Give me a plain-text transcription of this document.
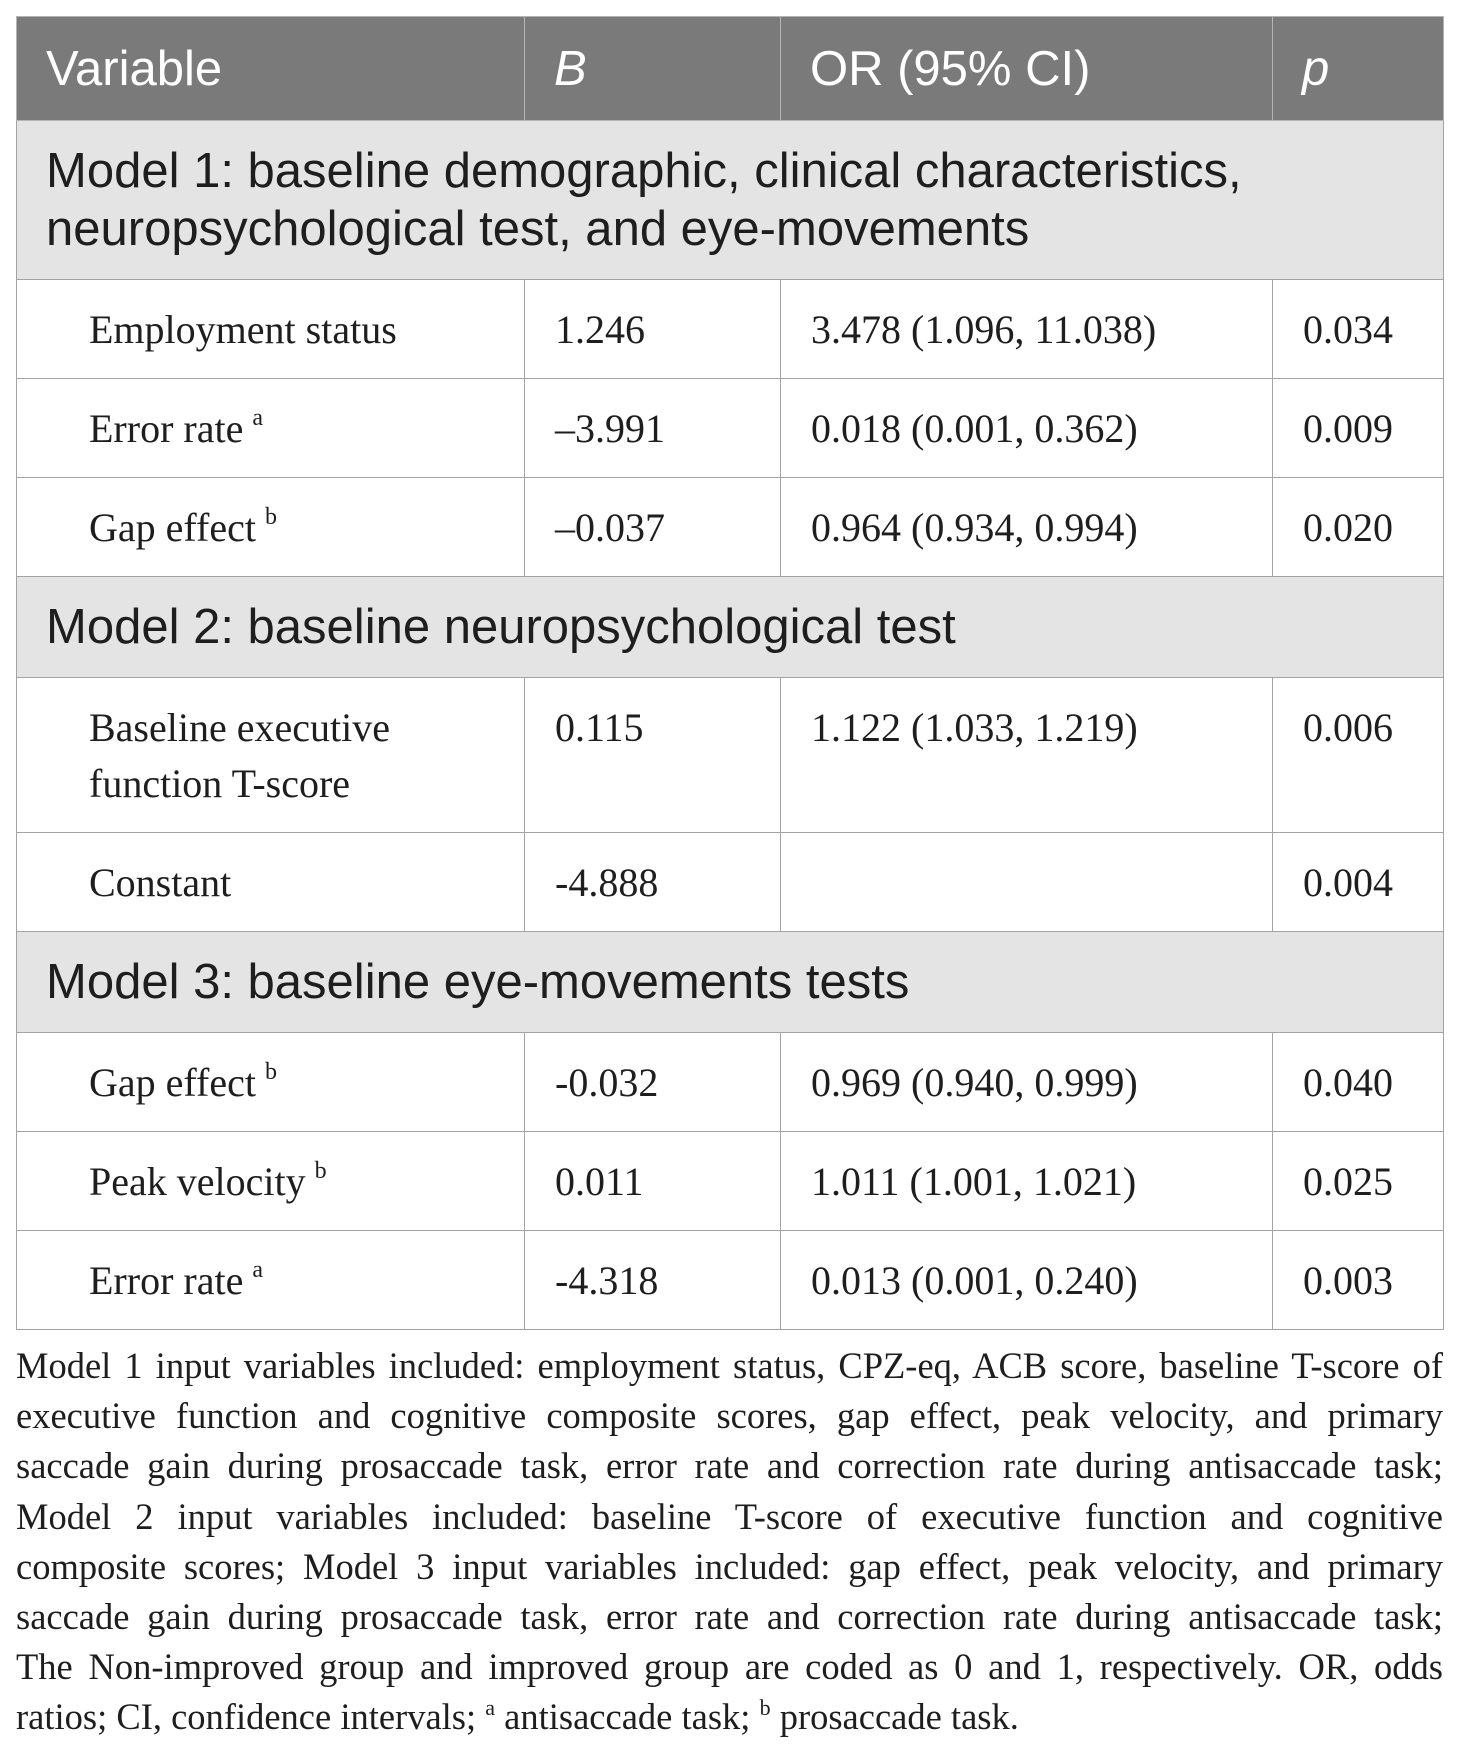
Variable	B	OR (95% CI)	p
Model 1: baseline demographic, clinical characteristics, neuropsychological test, and eye-movements			
Employment status	1.246	3.478 (1.096, 11.038)	0.034
Error rate $^a$	–3.991	0.018 (0.001, 0.362)	0.009
Gap effect $^b$	–0.037	0.964 (0.934, 0.994)	0.020
Model 2: baseline neuropsychological test			
Baseline executive function T-score	0.115	1.122 (1.033, 1.219)	0.006
Constant	-4.888		0.004
Model 3: baseline eye-movements tests			
Gap effect $^b$	-0.032	0.969 (0.940, 0.999)	0.040
Peak velocity $^b$	0.011	1.011 (1.001, 1.021)	0.025
Error rate $^a$	-4.318	0.013 (0.001, 0.240)	0.003
Model 1 input variables included: employment status, CPZ-eq, ACB score, baseline T-score of
executive function and cognitive composite scores, gap effect, peak velocity, and primary
saccade gain during prosaccade task, error rate and correction rate during antisaccade task;
Model 2 input variables included: baseline T-score of executive function and cognitive
composite scores; Model 3 input variables included: gap effect, peak velocity, and primary
saccade gain during prosaccade task, error rate and correction rate during antisaccade task;
The Non-improved group and improved group are coded as 0 and 1, respectively. OR, odds
ratios; CI, confidence intervals; $^a$ antisaccade task; $^b$ prosaccade task.
